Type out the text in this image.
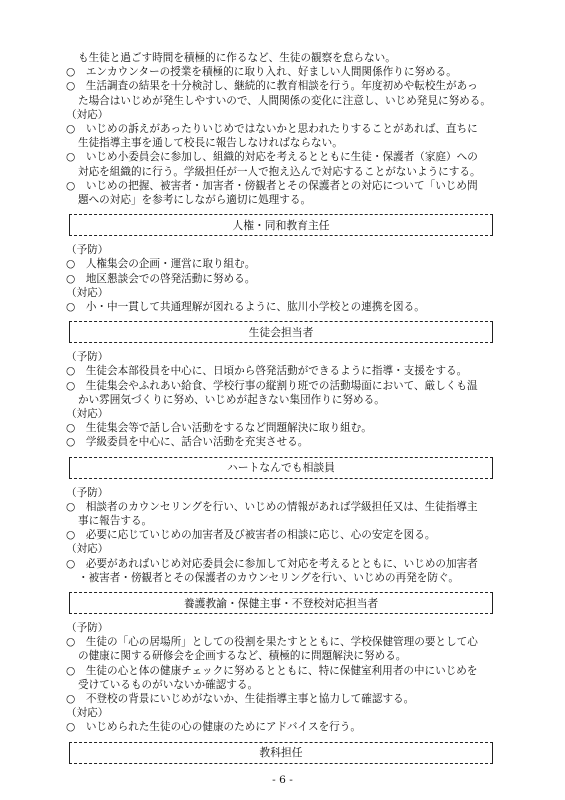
も生徒と過ごす時間を積極的に作るなど、生徒の観察を怠らない。
○　エンカウンターの授業を積極的に取り入れ、好ましい人間関係作りに努める。
○　生活調査の結果を十分検討し、継続的に教育相談を行う。年度初めや転校生があっ
た場合はいじめが発生しやすいので、人間関係の変化に注意し、いじめ発見に努める。
（対応）
○　いじめの訴えがあったりいじめではないかと思われたりすることがあれば、直ちに
生徒指導主事を通して校長に報告しなければならない。
○　いじめ小委員会に参加し、組織的対応を考えるとともに生徒・保護者（家庭）への
対応を組織的に行う。学級担任が一人で抱え込んで対応することがないようにする。
○　いじめの把握、被害者・加害者・傍観者とその保護者との対応について「いじめ問
題への対応」を参考にしながら適切に処理する。
人権・同和教育主任
（予防）
○　人権集会の企画・運営に取り組む。
○　地区懇談会での啓発活動に努める。
（対応）
○　小・中一貫して共通理解が図れるように、肱川小学校との連携を図る。
生徒会担当者
（予防）
○　生徒会本部役員を中心に、日頃から啓発活動ができるように指導・支援をする。
○　生徒集会やふれあい給食、学校行事の縦割り班での活動場面において、厳しくも温
かい雰囲気づくりに努め、いじめが起きない集団作りに努める。
（対応）
○　生徒集会等で話し合い活動をするなど問題解決に取り組む。
○　学級委員を中心に、話合い活動を充実させる。
ハートなんでも相談員
（予防）
○　相談者のカウンセリングを行い、いじめの情報があれば学級担任又は、生徒指導主
事に報告する。
○　必要に応じていじめの加害者及び被害者の相談に応じ、心の安定を図る。
（対応）
○　必要があればいじめ対応委員会に参加して対応を考えるとともに、いじめの加害者
・被害者・傍観者とその保護者のカウンセリングを行い、いじめの再発を防ぐ。
養護教諭・保健主事・不登校対応担当者
（予防）
○　生徒の「心の居場所」としての役割を果たすとともに、学校保健管理の要として心
の健康に関する研修会を企画するなど、積極的に問題解決に努める。
○　生徒の心と体の健康チェックに努めるとともに、特に保健室利用者の中にいじめを
受けているものがいないか確認する。
○　不登校の背景にいじめがないか、生徒指導主事と協力して確認する。
（対応）
○　いじめられた生徒の心の健康のためにアドバイスを行う。
- 6 -
教科担任
